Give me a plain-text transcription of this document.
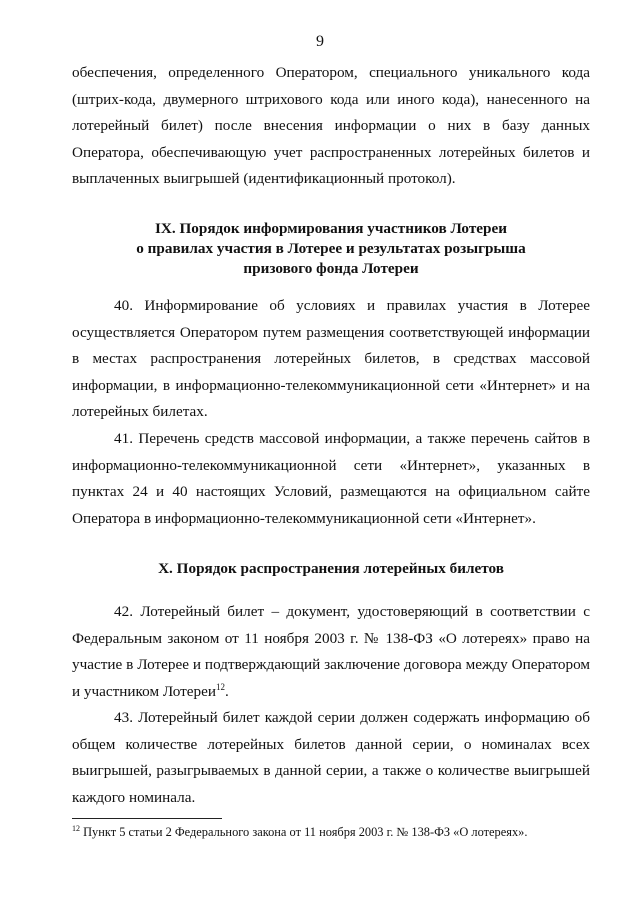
9

обеспечения, определенного Оператором, специального уникального кода (штрих-кода, двумерного штрихового кода или иного кода), нанесенного на лотерейный билет) после внесения информации о них в базу данных Оператора, обеспечивающую учет распространенных лотерейных билетов и выплаченных выигрышей (идентификационный протокол).

IX. Порядок информирования участников Лотереи
о правилах участия в Лотерее и результатах розыгрыша
призового фонда Лотереи

40. Информирование об условиях и правилах участия в Лотерее осуществляется Оператором путем размещения соответствующей информации в местах распространения лотерейных билетов, в средствах массовой информации, в информационно-телекоммуникационной сети «Интернет» и на лотерейных билетах.

41. Перечень средств массовой информации, а также перечень сайтов в информационно-телекоммуникационной сети «Интернет», указанных в пунктах 24 и 40 настоящих Условий, размещаются на официальном сайте Оператора в информационно-телекоммуникационной сети «Интернет».

X. Порядок распространения лотерейных билетов

42. Лотерейный билет – документ, удостоверяющий в соответствии с Федеральным законом от 11 ноября 2003 г. № 138-ФЗ «О лотереях» право на участие в Лотерее и подтверждающий заключение договора между Оператором и участником Лотереи$^{12}$.

43. Лотерейный билет каждой серии должен содержать информацию об общем количестве лотерейных билетов данной серии, о номиналах всех выигрышей, разыгрываемых в данной серии, а также о количестве выигрышей каждого номинала.

$^{12}$ Пункт 5 статьи 2 Федерального закона от 11 ноября 2003 г. № 138-ФЗ «О лотереях».
